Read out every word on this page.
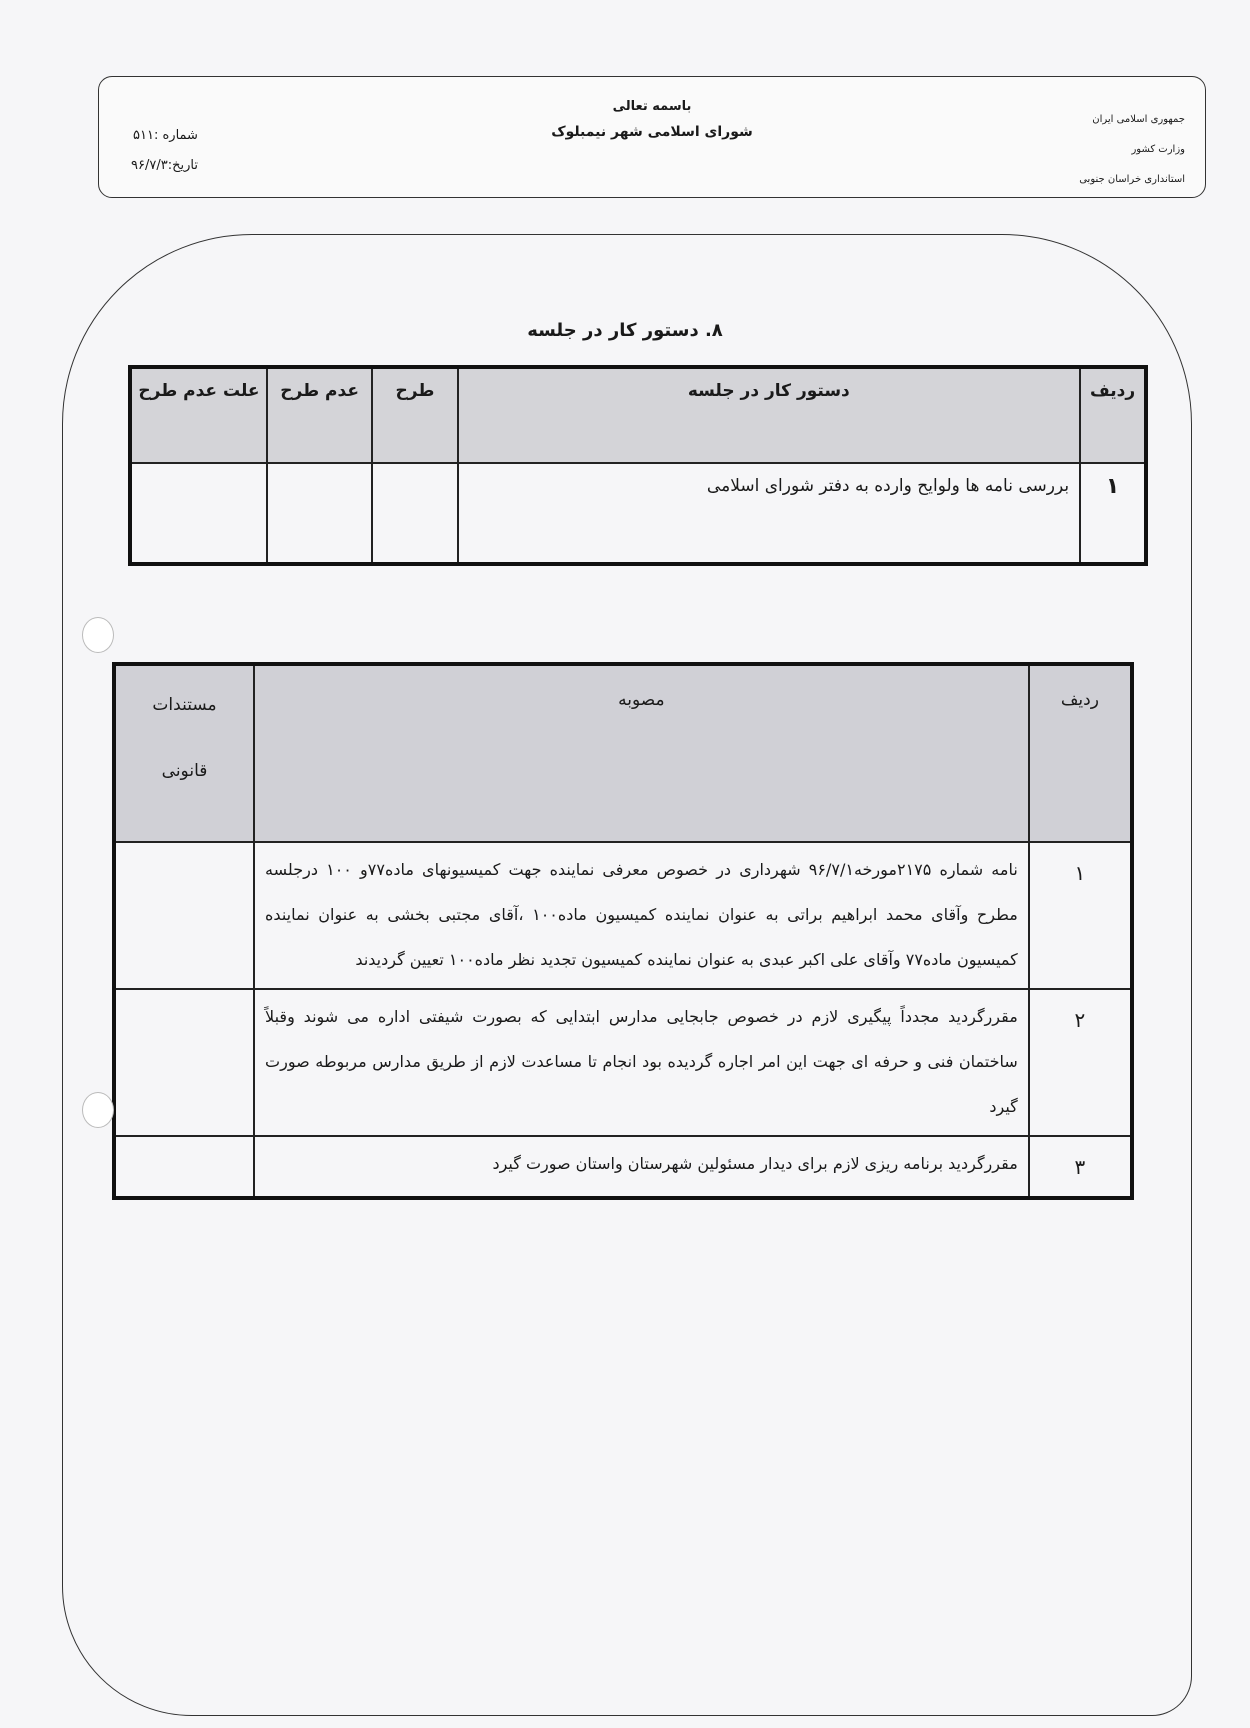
جمهوری اسلامی ایران
وزارت کشور
استانداری خراسان جنوبی
باسمه تعالی
شورای اسلامی شهر نیمبلوک
شماره :۵۱۱
تاریخ:۹۶/۷/۳
۸. دستور کار در جلسه
ردیف	دستور کار در جلسه	طرح	عدم طرح	علت عدم طرح
۱	بررسی نامه ها ولوایح وارده به دفتر شورای اسلامی			
ردیف	مصوبه	مستندات
قانونی

۱	نامه شماره ۲۱۷۵مورخه۹۶/۷/۱ شهرداری در خصوص معرفی نماینده جهت کمیسیونهای ماده۷۷و ۱۰۰ درجلسه مطرح وآقای محمد ابراهیم براتی به عنوان نماینده کمیسیون ماده۱۰۰ ،آقای مجتبی بخشی به عنوان نماینده کمیسیون ماده۷۷ وآقای علی اکبر عبدی به عنوان نماینده کمیسیون تجدید نظر ماده۱۰۰ تعیین گردیدند	
۲	مقررگردید مجدداً پیگیری لازم در خصوص جابجایی مدارس ابتدایی که بصورت شیفتی اداره می شوند وقبلاً ساختمان فنی و حرفه ای جهت این امر اجاره گردیده بود انجام تا مساعدت لازم از طریق مدارس مربوطه صورت گیرد	
۳	مقررگردید برنامه ریزی لازم برای دیدار مسئولین شهرستان واستان صورت گیرد	
